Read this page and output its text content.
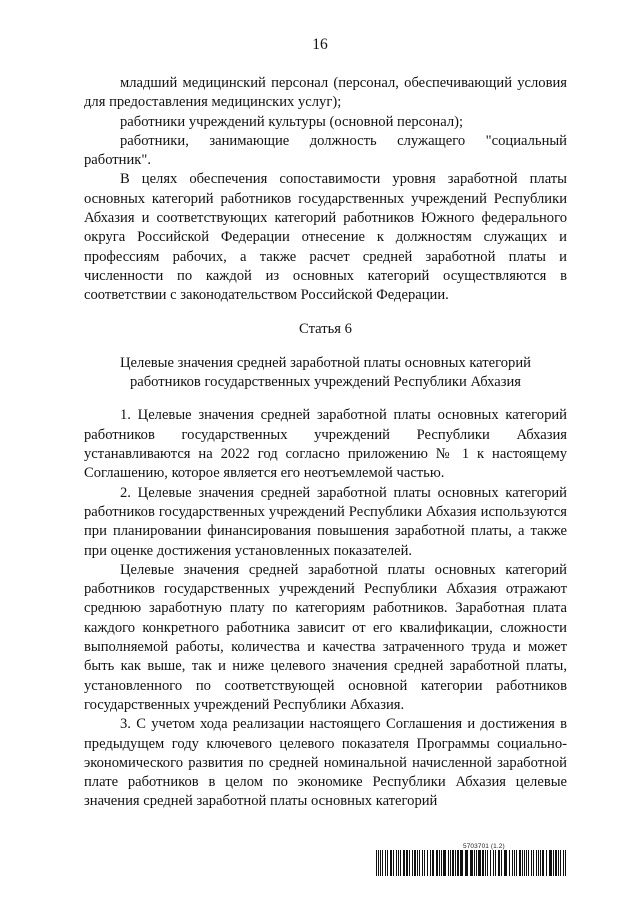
16

младший медицинский персонал (персонал, обеспечивающий условия для предоставления медицинских услуг);

работники учреждений культуры (основной персонал);

работники, занимающие должность служащего "социальный работник".

В целях обеспечения сопоставимости уровня заработной платы основных категорий работников государственных учреждений Республики Абхазия и соответствующих категорий работников Южного федерального округа Российской Федерации отнесение к должностям служащих и профессиям рабочих, а также расчет средней заработной платы и численности по каждой из основных категорий осуществляются в соответствии с законодательством Российской Федерации.

Статья 6

Целевые значения средней заработной платы основных категорий

работников государственных учреждений Республики Абхазия

1. Целевые значения средней заработной платы основных категорий работников государственных учреждений Республики Абхазия устанавливаются на 2022 год согласно приложению № 1 к настоящему Соглашению, которое является его неотъемлемой частью.

2. Целевые значения средней заработной платы основных категорий работников государственных учреждений Республики Абхазия используются при планировании финансирования повышения заработной платы, а также при оценке достижения установленных показателей.

Целевые значения средней заработной платы основных категорий работников государственных учреждений Республики Абхазия отражают среднюю заработную плату по категориям работников. Заработная плата каждого конкретного работника зависит от его квалификации, сложности выполняемой работы, количества и качества затраченного труда и может быть как выше, так и ниже целевого значения средней заработной платы, установленного по соответствующей основной категории работников государственных учреждений Республики Абхазия.

3. С учетом хода реализации настоящего Соглашения и достижения в предыдущем году ключевого целевого показателя Программы социально-экономического развития по средней номинальной начисленной заработной плате работников в целом по экономике Республики Абхазия целевые значения средней заработной платы основных категорий

5703701 (1.2)
